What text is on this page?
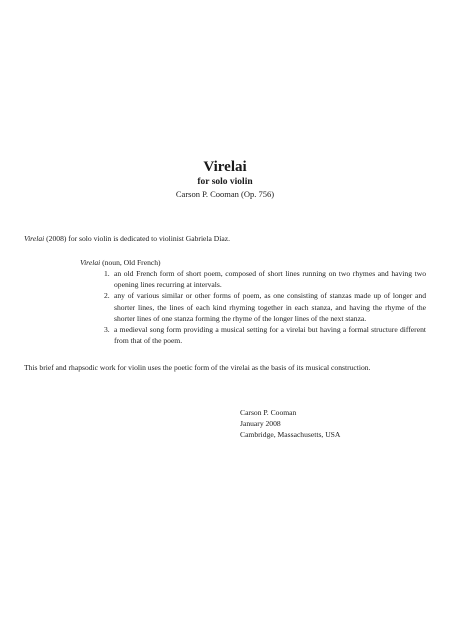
Virelai

for solo violin

Carson P. Cooman (Op. 756)

Virelai (2008) for solo violin is dedicated to violinist Gabriela Díaz.

Virelai (noun, Old French)

1. an old French form of short poem, composed of short lines running on two rhymes and having two opening lines recurring at intervals.
2. any of various similar or other forms of poem, as one consisting of stanzas made up of longer and shorter lines, the lines of each kind rhyming together in each stanza, and having the rhyme of the shorter lines of one stanza forming the rhyme of the longer lines of the next stanza.
3. a medieval song form providing a musical setting for a virelai but having a formal structure different from that of the poem.

This brief and rhapsodic work for violin uses the poetic form of the virelai as the basis of its musical construction.

Carson P. Cooman
January 2008
Cambridge, Massachusetts, USA
